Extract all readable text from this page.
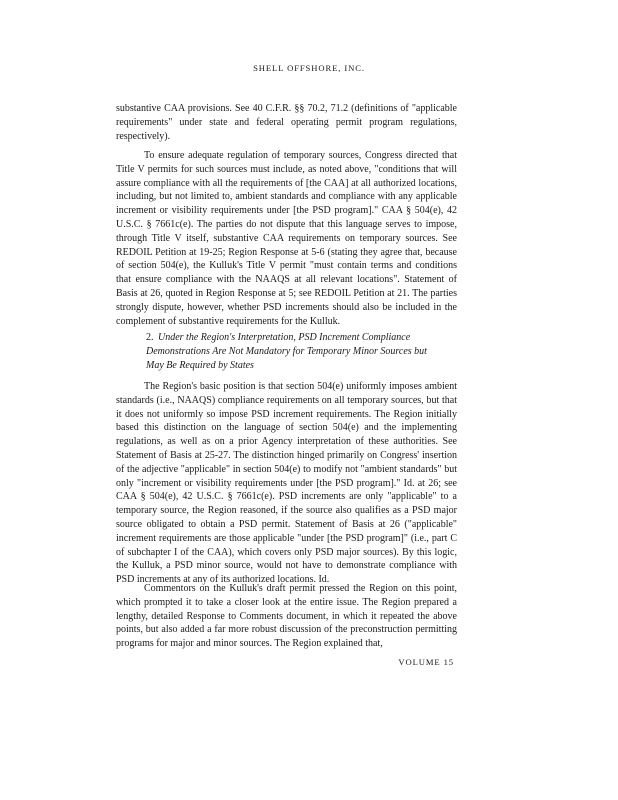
SHELL OFFSHORE, INC.

substantive CAA provisions. See 40 C.F.R. §§ 70.2, 71.2 (definitions of "applicable requirements" under state and federal operating permit program regulations, respectively).

To ensure adequate regulation of temporary sources, Congress directed that Title V permits for such sources must include, as noted above, "conditions that will assure compliance with all the requirements of [the CAA] at all authorized locations, including, but not limited to, ambient standards and compliance with any applicable increment or visibility requirements under [the PSD program]." CAA § 504(e), 42 U.S.C. § 7661c(e). The parties do not dispute that this language serves to impose, through Title V itself, substantive CAA requirements on temporary sources. See REDOIL Petition at 19-25; Region Response at 5-6 (stating they agree that, because of section 504(e), the Kulluk's Title V permit "must contain terms and conditions that ensure compliance with the NAAQS at all relevant locations". Statement of Basis at 26, quoted in Region Response at 5; see REDOIL Petition at 21. The parties strongly dispute, however, whether PSD increments should also be included in the complement of substantive requirements for the Kulluk.

2. Under the Region's Interpretation, PSD Increment Compliance Demonstrations Are Not Mandatory for Temporary Minor Sources but May Be Required by States

The Region's basic position is that section 504(e) uniformly imposes ambient standards (i.e., NAAQS) compliance requirements on all temporary sources, but that it does not uniformly so impose PSD increment requirements. The Region initially based this distinction on the language of section 504(e) and the implementing regulations, as well as on a prior Agency interpretation of these authorities. See Statement of Basis at 25-27. The distinction hinged primarily on Congress' insertion of the adjective "applicable" in section 504(e) to modify not "ambient standards" but only "increment or visibility requirements under [the PSD program]." Id. at 26; see CAA § 504(e), 42 U.S.C. § 7661c(e). PSD increments are only "applicable" to a temporary source, the Region reasoned, if the source also qualifies as a PSD major source obligated to obtain a PSD permit. Statement of Basis at 26 ("applicable" increment requirements are those applicable "under [the PSD program]" (i.e., part C of subchapter I of the CAA), which covers only PSD major sources). By this logic, the Kulluk, a PSD minor source, would not have to demonstrate compliance with PSD increments at any of its authorized locations. Id.

Commentors on the Kulluk's draft permit pressed the Region on this point, which prompted it to take a closer look at the entire issue. The Region prepared a lengthy, detailed Response to Comments document, in which it repeated the above points, but also added a far more robust discussion of the preconstruction permitting programs for major and minor sources. The Region explained that,

VOLUME 15
